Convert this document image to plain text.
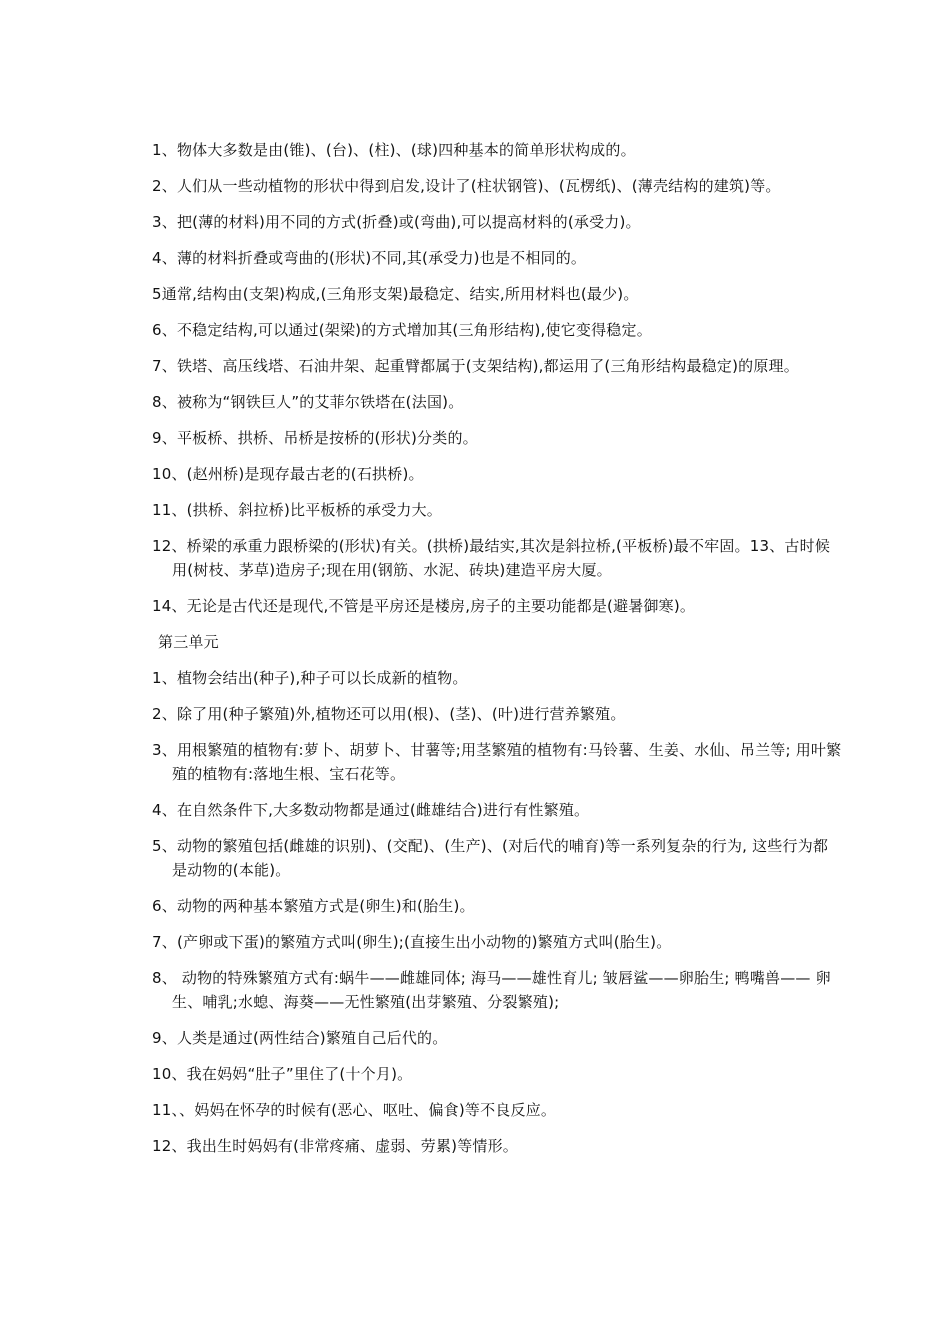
1、物体大多数是由(锥)、(台)、(柱)、(球)四种基本的简单形状构成的。

2、人们从一些动植物的形状中得到启发,设计了(柱状钢管)、(瓦楞纸)、(薄壳结构的建筑)等。

3、把(薄的材料)用不同的方式(折叠)或(弯曲),可以提高材料的(承受力)。

4、薄的材料折叠或弯曲的(形状)不同,其(承受力)也是不相同的。

5通常,结构由(支架)构成,(三角形支架)最稳定、结实,所用材料也(最少)。

6、不稳定结构,可以通过(架梁)的方式增加其(三角形结构),使它变得稳定。

7、铁塔、高压线塔、石油井架、起重臂都属于(支架结构),都运用了(三角形结构最稳定)的原理。

8、被称为“钢铁巨人”的艾菲尔铁塔在(法国)。

9、平板桥、拱桥、吊桥是按桥的(形状)分类的。

10、(赵州桥)是现存最古老的(石拱桥)。

11、(拱桥、斜拉桥)比平板桥的承受力大。

12、桥梁的承重力跟桥梁的(形状)有关。(拱桥)最结实,其次是斜拉桥,(平板桥)最不牢固。13、古时候用(树枝、茅草)造房子;现在用(钢筋、水泥、砖块)建造平房大厦。

14、无论是古代还是现代,不管是平房还是楼房,房子的主要功能都是(避暑御寒)。

第三单元

1、植物会结出(种子),种子可以长成新的植物。

2、除了用(种子繁殖)外,植物还可以用(根)、(茎)、(叶)进行营养繁殖。

3、用根繁殖的植物有:萝卜、胡萝卜、甘薯等;用茎繁殖的植物有:马铃薯、生姜、水仙、吊兰等; 用叶繁殖的植物有:落地生根、宝石花等。

4、在自然条件下,大多数动物都是通过(雌雄结合)进行有性繁殖。

5、动物的繁殖包括(雌雄的识别)、(交配)、(生产)、(对后代的哺育)等一系列复杂的行为, 这些行为都是动物的(本能)。

6、动物的两种基本繁殖方式是(卵生)和(胎生)。

7、(产卵或下蛋)的繁殖方式叫(卵生);(直接生出小动物的)繁殖方式叫(胎生)。

8、 动物的特殊繁殖方式有:蜗牛——雌雄同体; 海马——雄性育儿; 皱唇鲨——卵胎生; 鸭嘴兽—— 卵生、哺乳;水螅、海葵——无性繁殖(出芽繁殖、分裂繁殖);

9、人类是通过(两性结合)繁殖自己后代的。

10、我在妈妈“肚子”里住了(十个月)。

11、、妈妈在怀孕的时候有(恶心、呕吐、偏食)等不良反应。

12、我出生时妈妈有(非常疼痛、虚弱、劳累)等情形。
